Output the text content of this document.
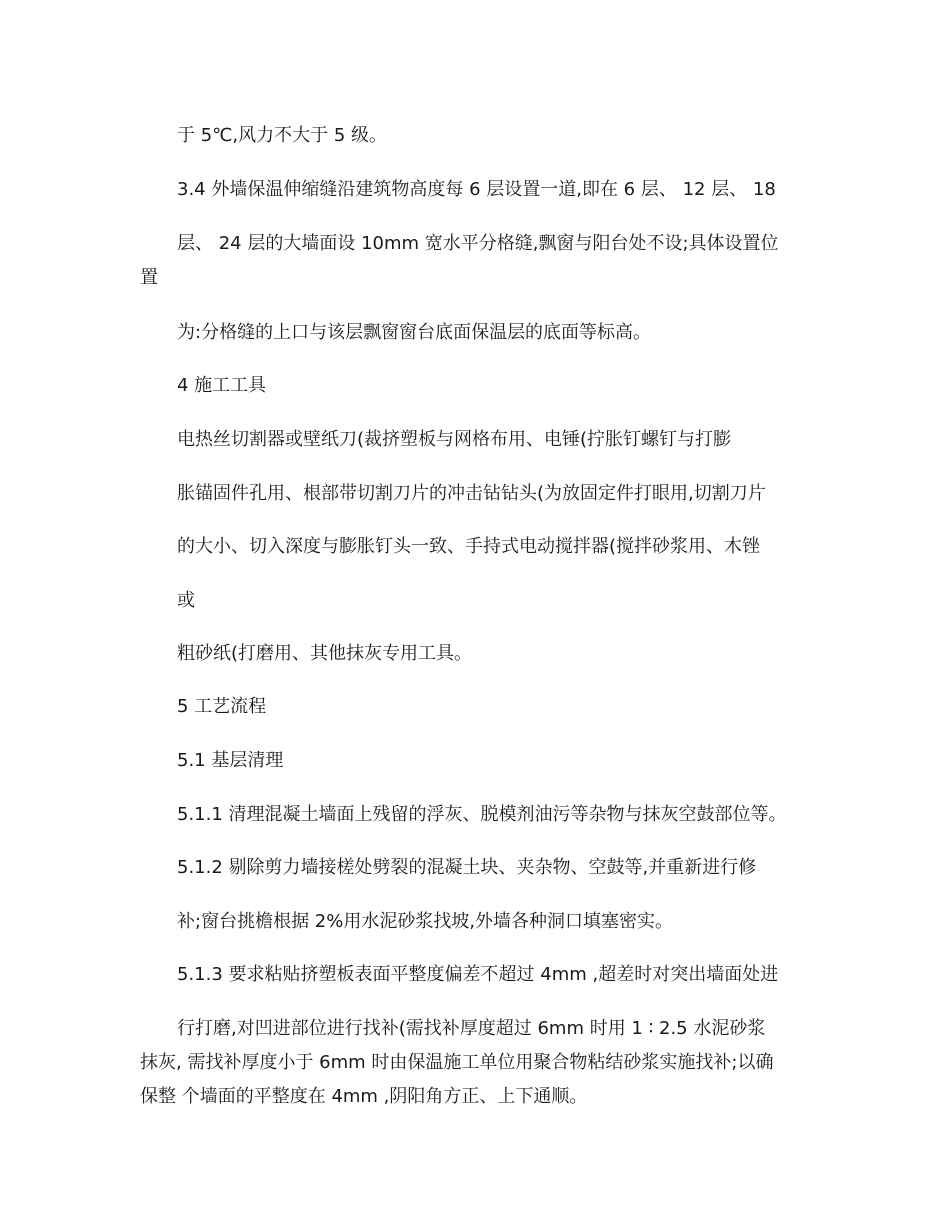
于 5℃,风力不大于 5 级。
3.4 外墙保温伸缩缝沿建筑物高度每 6 层设置一道,即在 6 层、 12 层、 18
层、 24 层的大墙面设 10mm 宽水平分格缝,飘窗与阳台处不设;具体设置位
置
为:分格缝的上口与该层飘窗窗台底面保温层的底面等标高。
4 施工工具
电热丝切割器或壁纸刀(裁挤塑板与网格布用、电锤(拧胀钉螺钉与打膨
胀锚固件孔用、根部带切割刀片的冲击钻钻头(为放固定件打眼用,切割刀片
的大小、切入深度与膨胀钉头一致、手持式电动搅拌器(搅拌砂浆用、木锉
或
粗砂纸(打磨用、其他抹灰专用工具。
5 工艺流程
5.1 基层清理
5.1.1 清理混凝土墙面上残留的浮灰、脱模剂油污等杂物与抹灰空鼓部位等。
5.1.2 剔除剪力墙接槎处劈裂的混凝土块、夹杂物、空鼓等,并重新进行修
补;窗台挑檐根据 2%用水泥砂浆找坡,外墙各种洞口填塞密实。
5.1.3 要求粘贴挤塑板表面平整度偏差不超过 4mm ,超差时对突出墙面处进
行打磨,对凹进部位进行找补(需找补厚度超过 6mm 时用 1 ∶ 2.5 水泥砂浆
抹灰, 需找补厚度小于 6mm 时由保温施工单位用聚合物粘结砂浆实施找补;以确
保整 个墙面的平整度在 4mm ,阴阳角方正、上下通顺。
